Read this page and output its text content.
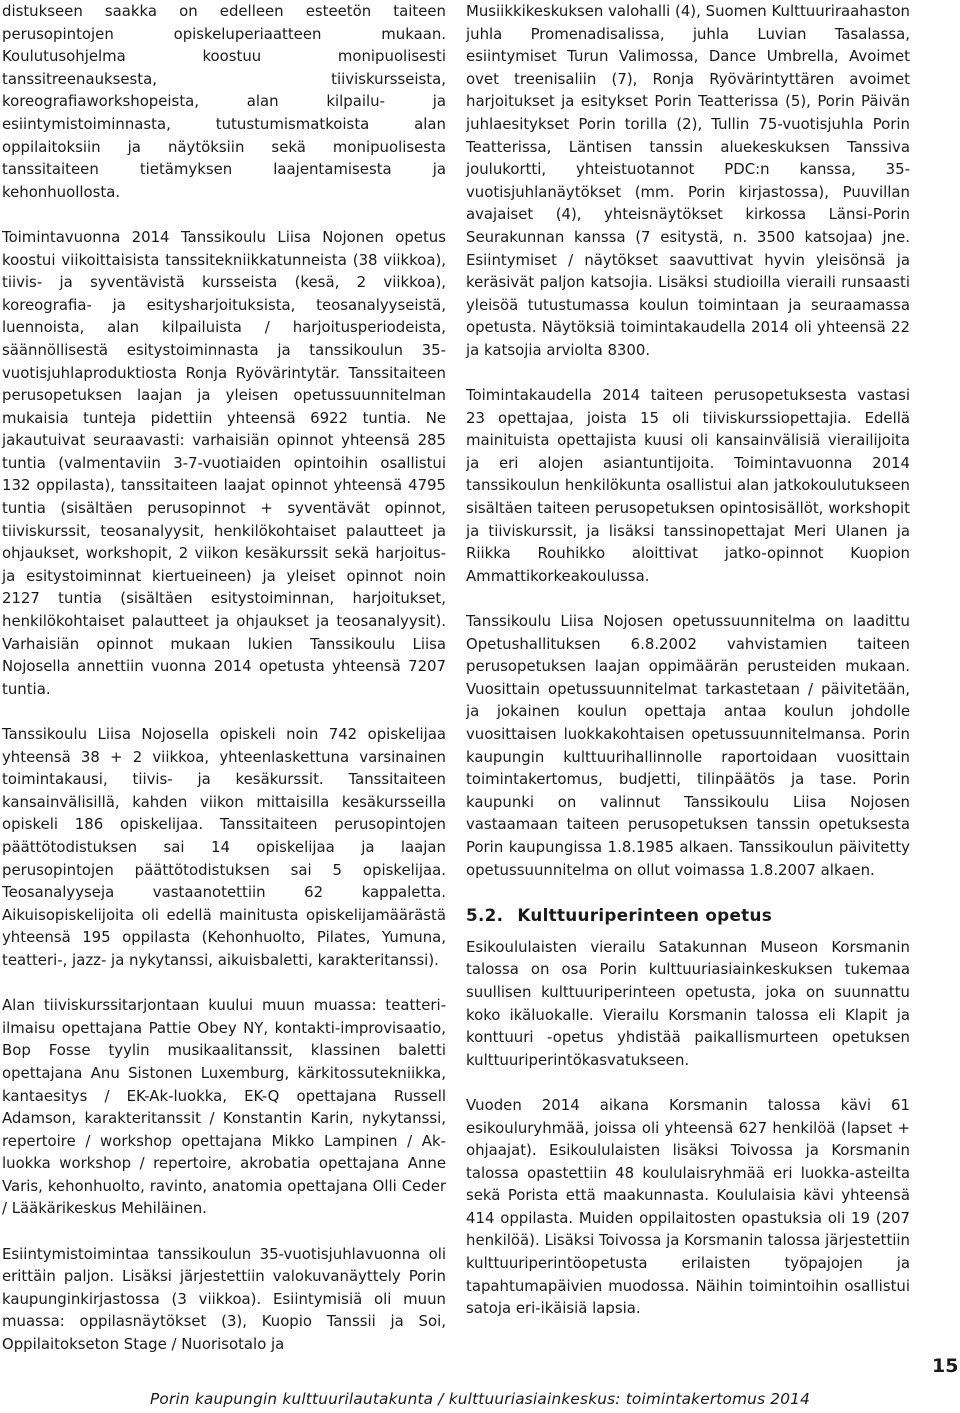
distukseen saakka on edelleen esteetön taiteen perusopintojen opiskeluperiaatteen mukaan. Koulutusohjelma koostuu monipuolisesti tanssitreenauksesta, tiiviskursseista, koreografiaworkshopeista, alan kilpailu- ja esiintymistoiminnasta, tutustumismatkoista alan oppilaitoksiin ja näytöksiin sekä monipuolisesta tanssitaiteen tietämyksen laajentamisesta ja kehonhuollosta.

Toimintavuonna 2014 Tanssikoulu Liisa Nojonen opetus koostui viikoittaisista tanssitekniikkatunneista (38 viikkoa), tiivis- ja syventävistä kursseista (kesä, 2 viikkoa), koreografia- ja esitysharjoituksista, teosanalyyseistä, luennoista, alan kilpailuista / harjoitusperiodeista, säännöllisestä esitystoiminnasta ja tanssikoulun 35-vuotisjuhlaproduktiosta Ronja Ryövärintytär. Tanssitaiteen perusopetuksen laajan ja yleisen opetussuunnitelman mukaisia tunteja pidettiin yhteensä 6922 tuntia. Ne jakautuivat seuraavasti: varhaisiän opinnot yhteensä 285 tuntia (valmentaviin 3-7-vuotiaiden opintoihin osallistui 132 oppilasta), tanssitaiteen laajat opinnot yhteensä 4795 tuntia (sisältäen perusopinnot + syventävät opinnot, tiiviskurssit, teosanalyysit, henkilökohtaiset palautteet ja ohjaukset, workshopit, 2 viikon kesäkurssit sekä harjoitus- ja esitystoiminnat kiertueineen) ja yleiset opinnot noin 2127 tuntia (sisältäen esitystoiminnan, harjoitukset, henkilökohtaiset palautteet ja ohjaukset ja teosanalyysit). Varhaisiän opinnot mukaan lukien Tanssikoulu Liisa Nojosella annettiin vuonna 2014 opetusta yhteensä 7207 tuntia.

Tanssikoulu Liisa Nojosella opiskeli noin 742 opiskelijaa yhteensä 38 + 2 viikkoa, yhteenlaskettuna varsinainen toimintakausi, tiivis- ja kesäkurssit. Tanssitaiteen kansainvälisillä, kahden viikon mittaisilla kesäkursseilla opiskeli 186 opiskelijaa. Tanssitaiteen perusopintojen päättötodistuksen sai 14 opiskelijaa ja laajan perusopintojen päättötodistuksen sai 5 opiskelijaa. Teosanalyyseja vastaanotettiin 62 kappaletta. Aikuisopiskelijoita oli edellä mainitusta opiskelijamäärästä yhteensä 195 oppilasta (Kehonhuolto, Pilates, Yumuna, teatteri-, jazz- ja nykytanssi, aikuisbaletti, karakteritanssi).

Alan tiiviskurssitarjontaan kuului muun muassa: teatteri-ilmaisu opettajana Pattie Obey NY, kontakti-improvisaatio, Bop Fosse tyylin musikaalitanssit, klassinen baletti opettajana Anu Sistonen Luxemburg, kärkitossutekniikka, kantaesitys / EK-Ak-luokka, EK-Q opettajana Russell Adamson, karakteritanssit / Konstantin Karin, nykytanssi, repertoire / workshop opettajana Mikko Lampinen / Ak-luokka workshop / repertoire, akrobatia opettajana Anne Varis, kehonhuolto, ravinto, anatomia opettajana Olli Ceder / Lääkärikeskus Mehiläinen.

Esiintymistoimintaa tanssikoulun 35-vuotisjuhlavuonna oli erittäin paljon. Lisäksi järjestettiin valokuvanäyttely Porin kaupunginkirjastossa (3 viikkoa). Esiintymisiä oli muun muassa: oppilasnäytökset (3), Kuopio Tanssii ja Soi, Oppilaitokseton Stage / Nuorisotalo ja

Musiikkikeskuksen valohalli (4), Suomen Kulttuuriraahaston juhla Promenadisalissa, juhla Luvian Tasalassa, esiintymiset Turun Valimossa, Dance Umbrella, Avoimet ovet treenisaliin (7), Ronja Ryövärintyttären avoimet harjoitukset ja esitykset Porin Teatterissa (5), Porin Päivän juhlaesitykset Porin torilla (2), Tullin 75-vuotisjuhla Porin Teatterissa, Läntisen tanssin aluekeskuksen Tanssiva joulukortti, yhteistuotannot PDC:n kanssa, 35-vuotisjuhlanäytökset (mm. Porin kirjastossa), Puuvillan avajaiset (4), yhteisnäytökset kirkossa Länsi-Porin Seurakunnan kanssa (7 esitystä, n. 3500 katsojaa) jne. Esiintymiset / näytökset saavuttivat hyvin yleisönsä ja keräsivät paljon katsojia. Lisäksi studioilla vieraili runsaasti yleisöä tutustumassa koulun toimintaan ja seuraamassa opetusta. Näytöksiä toimintakaudella 2014 oli yhteensä 22 ja katsojia arviolta 8300.

Toimintakaudella 2014 taiteen perusopetuksesta vastasi 23 opettajaa, joista 15 oli tiiviskurssiopettajia. Edellä mainituista opettajista kuusi oli kansainvälisiä vierailijoita ja eri alojen asiantuntijoita. Toimintavuonna 2014 tanssikoulun henkilökunta osallistui alan jatkokoulutukseen sisältäen taiteen perusopetuksen opintosisällöt, workshopit ja tiiviskurssit, ja lisäksi tanssinopettajat Meri Ulanen ja Riikka Rouhikko aloittivat jatko-opinnot Kuopion Ammattikorkeakoulussa.

Tanssikoulu Liisa Nojosen opetussuunnitelma on laadittu Opetushallituksen 6.8.2002 vahvistamien taiteen perusopetuksen laajan oppimäärän perusteiden mukaan. Vuosittain opetussuunnitelmat tarkastetaan / päivitetään, ja jokainen koulun opettaja antaa koulun johdolle vuosittaisen luokkakohtaisen opetussuunnitelmansa. Porin kaupungin kulttuurihallinnolle raportoidaan vuosittain toimintakertomus, budjetti, tilinpäätös ja tase. Porin kaupunki on valinnut Tanssikoulu Liisa Nojosen vastaamaan taiteen perusopetuksen tanssin opetuksesta Porin kaupungissa 1.8.1985 alkaen. Tanssikoulun päivitetty opetussuunnitelma on ollut voimassa 1.8.2007 alkaen.

5.2. Kulttuuriperinteen opetus

Esikoululaisten vierailu Satakunnan Museon Korsmanin talossa on osa Porin kulttuuriasiainkeskuksen tukemaa suullisen kulttuuriperinteen opetusta, joka on suunnattu koko ikäluokalle. Vierailu Korsmanin talossa eli Klapit ja konttuuri -opetus yhdistää paikallismurteen opetuksen kulttuuriperintökasvatukseen.

Vuoden 2014 aikana Korsmanin talossa kävi 61 esikouluryhmää, joissa oli yhteensä 627 henkilöä (lapset + ohjaajat). Esikoululaisten lisäksi Toivossa ja Korsmanin talossa opastettiin 48 koululaisryhmää eri luokka-asteilta sekä Porista että maakunnasta. Koululaisia kävi yhteensä 414 oppilasta. Muiden oppilaitosten opastuksia oli 19 (207 henkilöä). Lisäksi Toivossa ja Korsmanin talossa järjestettiin kulttuuriperintöopetusta erilaisten työpajojen ja tapahtumapäivien muodossa. Näihin toimintoihin osallistui satoja eri-ikäisiä lapsia.

15
Porin kaupungin kulttuurilautakunta / kulttuuriasiainkeskus: toimintakertomus 2014
